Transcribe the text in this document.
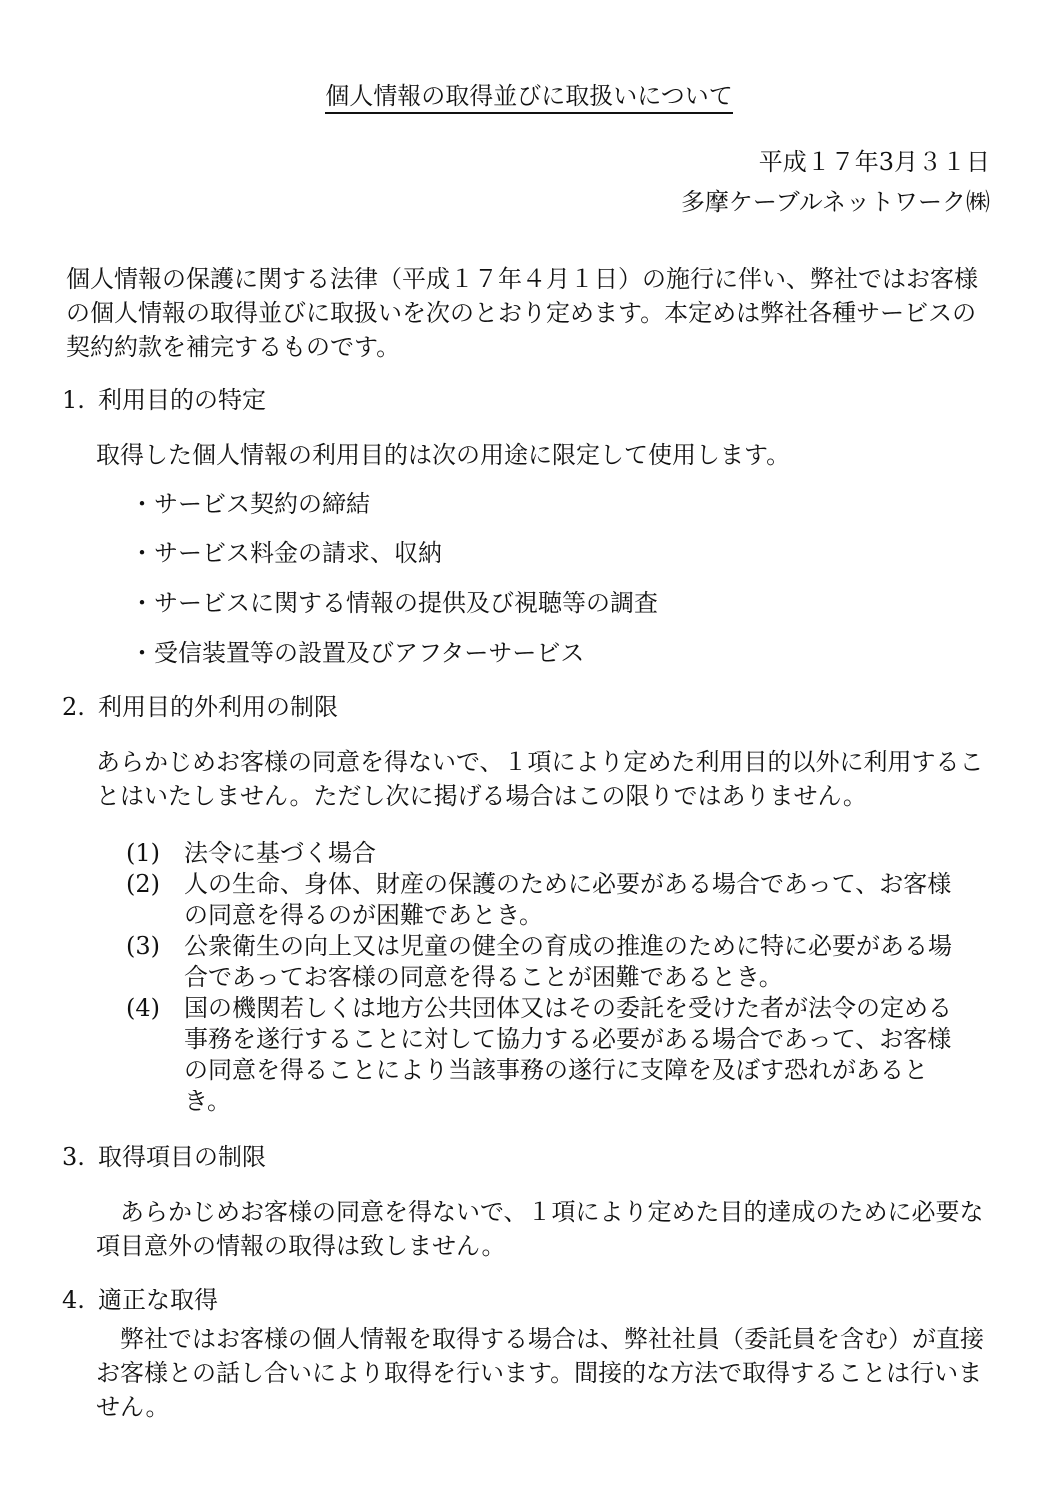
個人情報の取得並びに取扱いについて
平成１７年3月３１日
多摩ケーブルネットワーク㈱

個人情報の保護に関する法律（平成１７年４月１日）の施行に伴い、弊社ではお客様の個人情報の取得並びに取扱いを次のとおり定めます。本定めは弊社各種サービスの契約約款を補完するものです。

1. 利用目的の特定
取得した個人情報の利用目的は次の用途に限定して使用します。
・サービス契約の締結
・サービス料金の請求、収納
・サービスに関する情報の提供及び視聴等の調査
・受信装置等の設置及びアフターサービス
2. 利用目的外利用の制限
あらかじめお客様の同意を得ないで、１項により定めた利用目的以外に利用することはいたしません。ただし次に掲げる場合はこの限りではありません。
(1)	法令に基づく場合
(2)	人の生命、身体、財産の保護のために必要がある場合であって、お客様の同意を得るのが困難であとき。
(3)	公衆衛生の向上又は児童の健全の育成の推進のために特に必要がある場合であってお客様の同意を得ることが困難であるとき。
(4)	国の機関若しくは地方公共団体又はその委託を受けた者が法令の定める事務を遂行することに対して協力する必要がある場合であって、お客様の同意を得ることにより当該事務の遂行に支障を及ぼす恐れがあるとき。
3. 取得項目の制限
あらかじめお客様の同意を得ないで、１項により定めた目的達成のために必要な項目意外の情報の取得は致しません。
4. 適正な取得
弊社ではお客様の個人情報を取得する場合は、弊社社員（委託員を含む）が直接お客様との話し合いにより取得を行います。間接的な方法で取得することは行いません。
